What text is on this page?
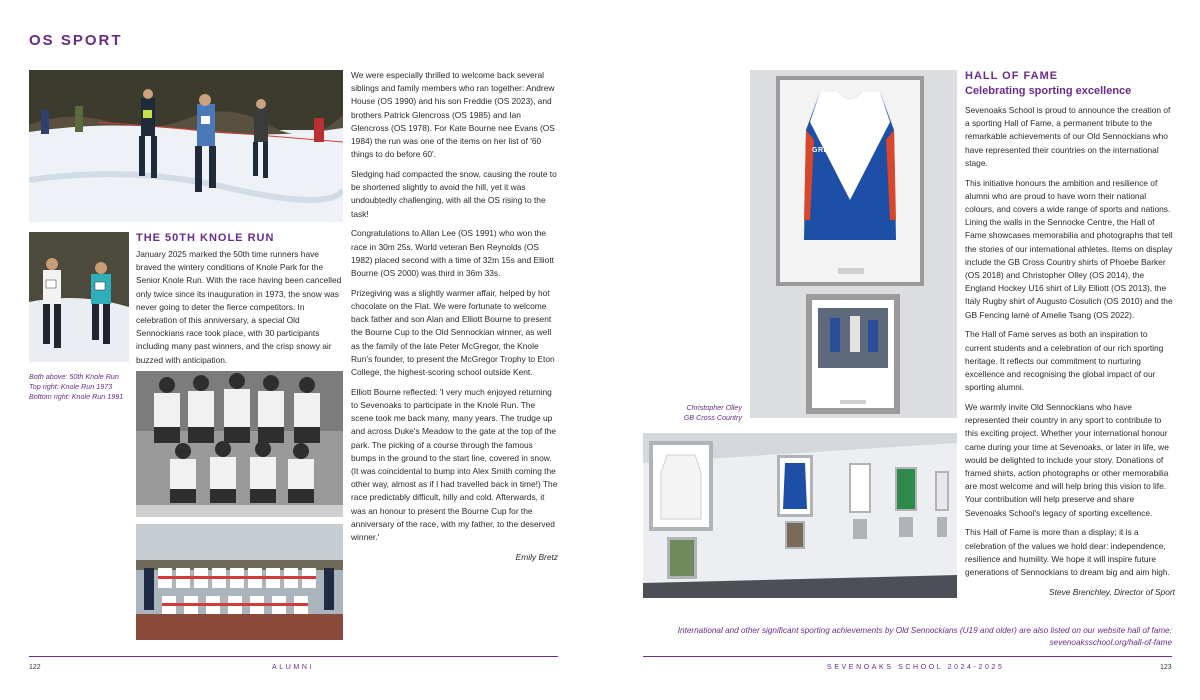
OS SPORT
Both above: 50th Knole Run
Top right: Knole Run 1973
Bottom right: Knole Run 1991
THE 50TH KNOLE RUN

January 2025 marked the 50th time runners have braved the wintery conditions of Knole Park for the Senior Knole Run. With the race having been cancelled only twice since its inauguration in 1973, the snow was never going to deter the fierce competitors. In celebration of this anniversary, a special Old Sennockians race took place, with 30 participants including many past winners, and the crisp snowy air buzzed with anticipation.

We were especially thrilled to welcome back several siblings and family members who ran together: Andrew House (OS 1990) and his son Freddie (OS 2023), and brothers Patrick Glencross (OS 1985) and Ian Glencross (OS 1978). For Kate Bourne nee Evans (OS 1984) the run was one of the items on her list of '60 things to do before 60'.

Sledging had compacted the snow, causing the route to be shortened slightly to avoid the hill, yet it was undoubtedly challenging, with all the OS rising to the task!

Congratulations to Allan Lee (OS 1991) who won the race in 30m 25s. World veteran Ben Reynolds (OS 1982) placed second with a time of 32m 15s and Elliott Bourne (OS 2000) was third in 36m 33s.

Prizegiving was a slightly warmer affair, helped by hot chocolate on the Flat. We were fortunate to welcome back father and son Alan and Elliott Bourne to present the Bourne Cup to the Old Sennockian winner, as well as the family of the late Peter McGregor, the Knole Run's founder, to present the McGregor Trophy to Eton College, the highest-scoring school outside Kent.

Elliott Bourne reflected: 'I very much enjoyed returning to Sevenoaks to participate in the Knole Run. The scene took me back many, many years. The trudge up and across Duke's Meadow to the gate at the top of the park. The picking of a course through the famous bumps in the ground to the start line, covered in snow. (It was coincidental to bump into Alex Smith coming the other way, almost as if I had travelled back in time!) The race predictably difficult, hilly and cold. Afterwards, it was an honour to present the Bourne Cup for the anniversary of the race, with my father, to the deserved winner.'

Emily Bretz

GREAT BRITAIN
Christopher Olley
GB Cross Country
HALL OF FAME
Celebrating sporting excellence

Sevenoaks School is proud to announce the creation of a sporting Hall of Fame, a permanent tribute to the remarkable achievements of our Old Sennockians who have represented their countries on the international stage.

This initiative honours the ambition and resilience of alumni who are proud to have worn their national colours, and covers a wide range of sports and nations. Lining the walls in the Sennocke Centre, the Hall of Fame showcases memorabilia and photographs that tell the stories of our international athletes. Items on display include the GB Cross Country shirts of Phoebe Barker (OS 2018) and Christopher Olley (OS 2014), the England Hockey U16 shirt of Lily Elliott (OS 2013), the Italy Rugby shirt of Augusto Cosulich (OS 2010) and the GB Fencing lamé of Amelie Tsang (OS 2022).

The Hall of Fame serves as both an inspiration to current students and a celebration of our rich sporting heritage. It reflects our commitment to nurturing excellence and recognising the global impact of our sporting alumni.

We warmly invite Old Sennockians who have represented their country in any sport to contribute to this exciting project. Whether your international honour came during your time at Sevenoaks, or later in life, we would be delighted to include your story. Donations of framed shirts, action photographs or other memorabilia are most welcome and will help bring this vision to life. Your contribution will help preserve and share Sevenoaks School's legacy of sporting excellence.

This Hall of Fame is more than a display; it is a celebration of the values we hold dear: independence, resilience and humility. We hope it will inspire future generations of Sennockians to dream big and aim high.

Steve Brenchley, Director of Sport

International and other significant sporting achievements by Old Sennockians (U19 and older) are also listed on our website hall of fame:
sevenoaksschool.org/hall-of-fame
122	ALUMNI	SEVENOAKS SCHOOL 2024-2025	123
